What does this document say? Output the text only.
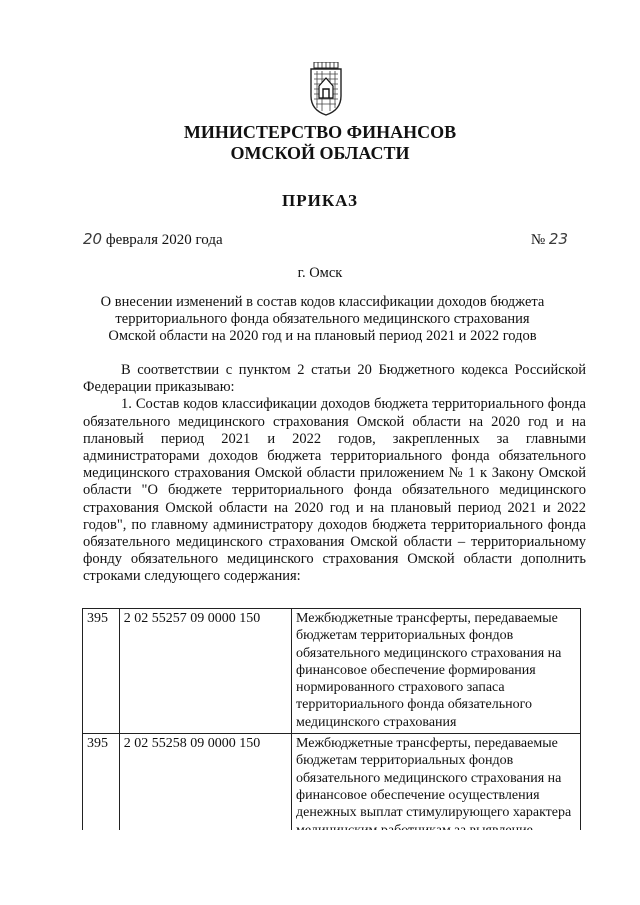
МИНИСТЕРСТВО ФИНАНСОВ
ОМСКОЙ ОБЛАСТИ
ПРИКАЗ
20 февраля 2020 года	№ 23
г. Омск
О внесении изменений в состав кодов классификации доходов бюджета территориального фонда обязательного медицинского страхования Омской области на 2020 год и на плановый период 2021 и 2022 годов

В соответствии с пунктом 2 статьи 20 Бюджетного кодекса Российской Федерации приказываю:

1. Состав кодов классификации доходов бюджета территориального фонда обязательного медицинского страхования Омской области на 2020 год и на плановый период 2021 и 2022 годов, закрепленных за главными администраторами доходов бюджета территориального фонда обязательного медицинского страхования Омской области приложением № 1 к Закону Омской области "О бюджете территориального фонда обязательного медицинского страхования Омской области на 2020 год и на плановый период 2021 и 2022 годов", по главному администратору доходов бюджета территориального фонда обязательного медицинского страхования Омской области – территориальному фонду обязательного медицинского страхования Омской области дополнить строками следующего содержания:

395	2 02 55257 09 0000 150	Межбюджетные трансферты, передаваемые бюджетам территориальных фондов обязательного медицинского страхования на финансовое обеспечение формирования нормированного страхового запаса территориального фонда обязательного медицинского страхования
395	2 02 55258 09 0000 150	Межбюджетные трансферты, передаваемые бюджетам территориальных фондов обязательного медицинского страхования на финансовое обеспечение осуществления денежных выплат стимулирующего характера
